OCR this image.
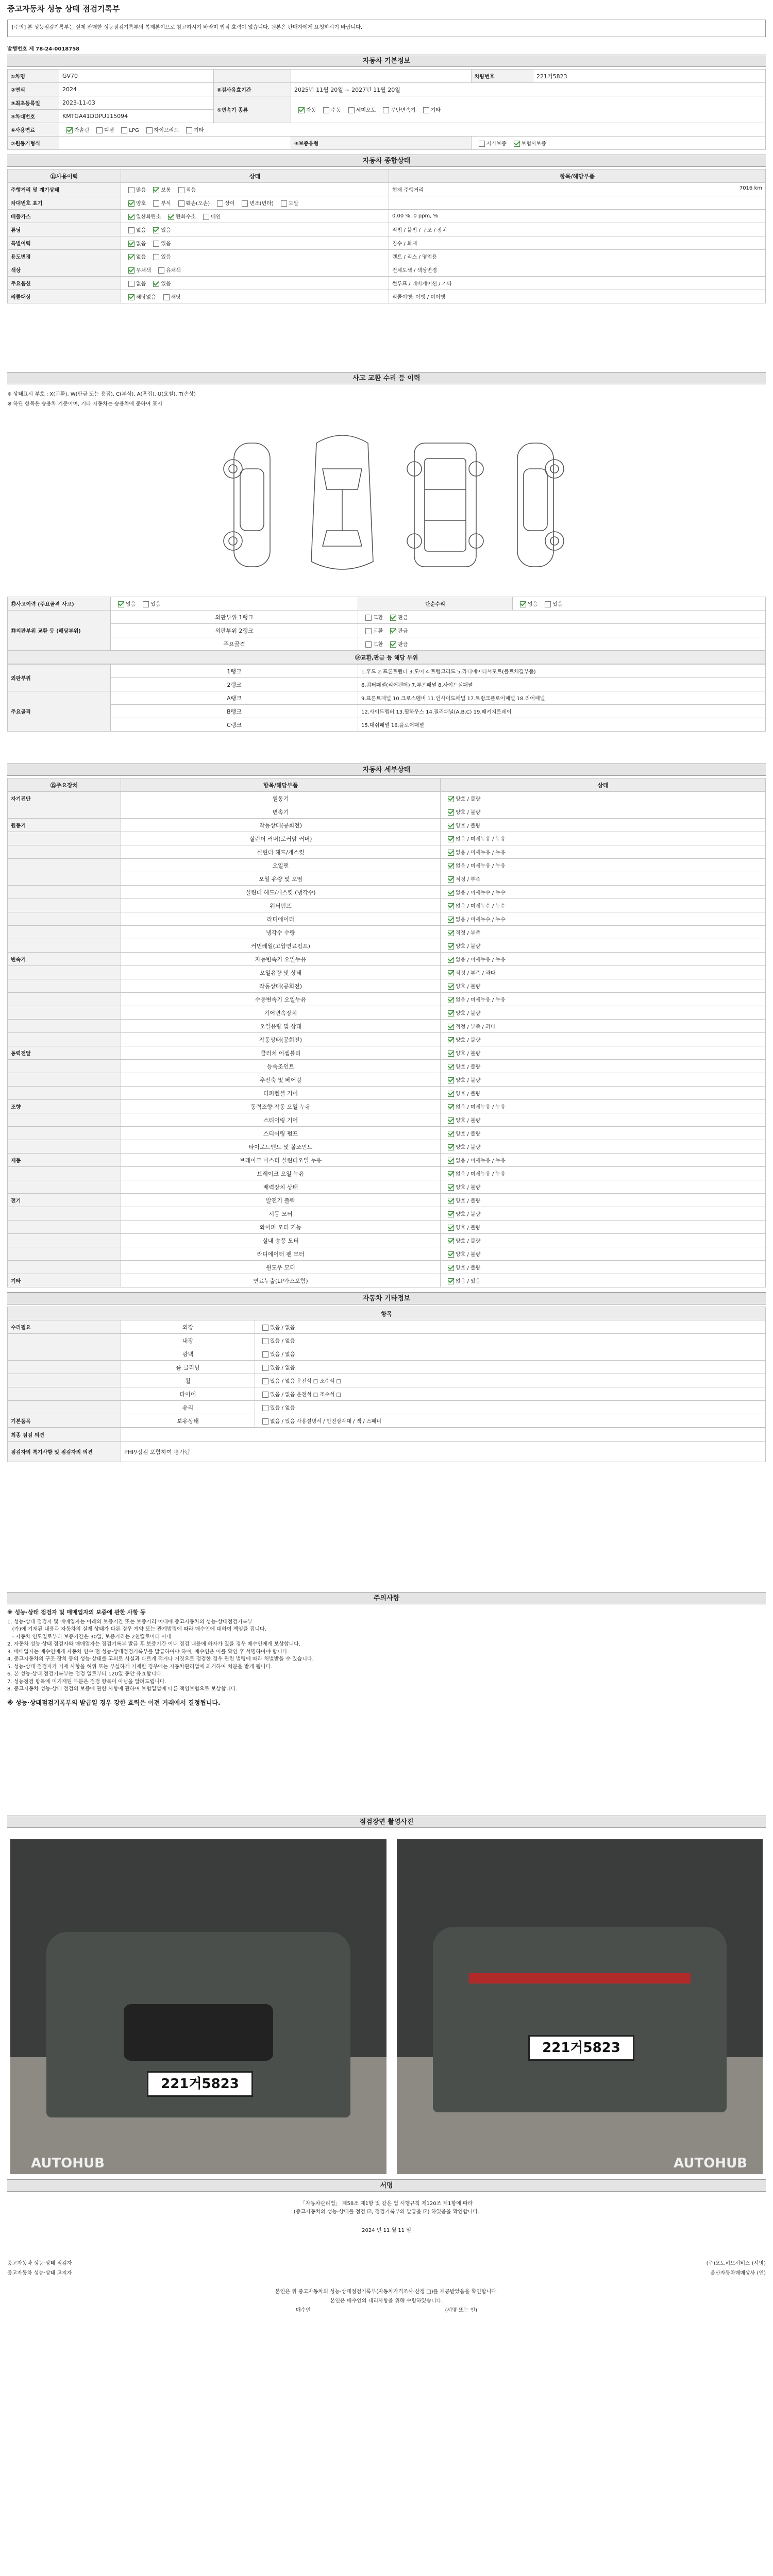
중고자동차 성능 상태 점검기록부
[주의] 본 성능점검기록부는 실제 판매한 성능점검기록부의 복제본이므로 참고하시기 바라며 법적 효력이 없습니다. 원본은 판매자에게 요청하시기 바랍니다.
발행번호 제 78-24-0018758
자동차 기본정보
①차명	GV70			차량번호	221거5823
②연식	2024	⑧검사유효기간	2025년 11월 20일 ~ 2027년 11월 20일		
③최초등록일	2023-11-03	⑤변속기 종류	자동 수동 세미오토 무단변속기 기타		
④차대번호	KMTGA41DDPU115094				
⑥사용연료	가솔린 디젤 LPG 하이브리드 기타				
⑦원동기형식			⑨보증유형	자가보증 보험사보증	
자동차 종합상태
⑪사용이력	상태	항목/해당부품
주행거리 및 계기상태	많음 보통 적음	현재 주행거리 7016 km

차대번호 표기	양호 부식 훼손(오손) 상이 변조(변타) 도말	

배출가스	일산화탄소 탄화수소 매연	0.00 %, 0 ppm, %

튜닝	없음 있음	적법 / 불법 / 구조 / 장치

특별이력	없음 있음	침수 / 화재

용도변경	없음 있음	렌트 / 리스 / 영업용

색상	무채색 유채색	전체도색 / 색상변경

주요옵션	없음 있음	썬루프 / 네비게이션 / 기타

리콜대상	해당없음 해당	리콜이행: 이행 / 미이행
사고 교환 수리 등 이력
※ 상태표시 부호 : X(교환), W(판금 또는 용접), C(부식), A(흠집), U(요철), T(손상)
※ 하단 항목은 승용차 기준이며, 기타 자동차는 승용차에 준하여 표시
⑫사고이력 (주요골격 사고)	없음 있음	단순수리	없음 있음
⑬외판부위 교환 등 (해당부위)	외판부위 1랭크	교환 판금	
	외판부위 2랭크	교환 판금	
	주요골격	교환 판금	
⑭교환,판금 등 해당 부위			
외판부위	1랭크	1.후드 2.프론트펜더 3.도어 4.트렁크리드 5.라디에이터서포트(볼트체결부품)
	2랭크	6.쿼터패널(리어펜더) 7.루프패널 8.사이드실패널
주요골격	A랭크	9.프론트패널 10.크로스멤버 11.인사이드패널 17.트렁크플로어패널 18.리어패널
	B랭크	12.사이드멤버 13.휠하우스 14.필러패널(A,B,C) 19.패키지트레이
	C랭크	15.대쉬패널 16.플로어패널
자동차 세부상태
⑮주요장치	항목/해당부품	상태
자기진단	원동기	양호 / 불량
	변속기	양호 / 불량
원동기	작동상태(공회전)	양호 / 불량
	실린더 커버(로커암 커버)	없음 / 미세누유 / 누유
	실린더 헤드/개스킷	없음 / 미세누유 / 누유
	오일팬	없음 / 미세누유 / 누유
	오일 유량 및 오염	적정 / 부족
	실린더 헤드/개스킷 (냉각수)	없음 / 미세누수 / 누수
	워터펌프	없음 / 미세누수 / 누수
	라디에이터	없음 / 미세누수 / 누수
	냉각수 수량	적정 / 부족
	커먼레일(고압연료펌프)	양호 / 불량
변속기	자동변속기 오일누유	없음 / 미세누유 / 누유
	오일유량 및 상태	적정 / 부족 / 과다
	작동상태(공회전)	양호 / 불량
	수동변속기 오일누유	없음 / 미세누유 / 누유
	기어변속장치	양호 / 불량
	오일유량 및 상태	적정 / 부족 / 과다
	작동상태(공회전)	양호 / 불량
동력전달	클러치 어셈블리	양호 / 불량
	등속조인트	양호 / 불량
	추진축 및 베어링	양호 / 불량
	디퍼렌셜 기어	양호 / 불량
조향	동력조향 작동 오일 누유	없음 / 미세누유 / 누유
	스티어링 기어	양호 / 불량
	스티어링 펌프	양호 / 불량
	타이로드엔드 및 볼조인트	양호 / 불량
제동	브레이크 마스터 실린더오일 누유	없음 / 미세누유 / 누유
	브레이크 오일 누유	없음 / 미세누유 / 누유
	배력장치 상태	양호 / 불량
전기	발전기 출력	양호 / 불량
	시동 모터	양호 / 불량
	와이퍼 모터 기능	양호 / 불량
	실내 송풍 모터	양호 / 불량
	라디에이터 팬 모터	양호 / 불량
	윈도우 모터	양호 / 불량
기타	연료누출(LP가스포함)	없음 / 있음
자동차 기타정보
항목		
수리필요	외장	있음 / 없음
	내장	있음 / 없음
	광택	있음 / 없음
	룸 클리닝	있음 / 없음
	휠	있음 / 없음 운전석 □ 조수석 □
	타이어	있음 / 없음 운전석 □ 조수석 □
	유리	있음 / 없음
기본품목	보유상태	없음 / 있음 사용설명서 / 안전삼각대 / 잭 / 스패너
최종 점검 의견	
점검자의 특기사항 및 점검자의 의견	PHP/점검 포함하여 평가됨
주의사항
※ 성능·상태 점검자 및 매매업자의 보증에 관한 사항 등
1. 성능·상태 점검자 및 매매업자는 아래의 보증기간 또는 보증거리 이내에 중고자동차의 성능·상태점검기록부
(가)에 기재된 내용과 자동차의 실제 상태가 다른 경우 계약 또는 관계법령에 따라 매수인에 대하여 책임을 집니다.
- 자동차 인도일로부터 보증기간은 30일, 보증거리는 2천킬로미터 이내
2. 자동차 성능·상태 점검자와 매매업자는 점검기록부 발급 후 보증기간 이내 점검 내용에 하자가 있을 경우 매수인에게 보상합니다.
3. 매매업자는 매수인에게 자동차 인수 전 성능·상태점검기록부를 발급하여야 하며, 매수인은 이를 확인 후 서명하여야 합니다.
4. 중고자동차의 구조·장치 등의 성능·상태를 고의로 사실과 다르게 적거나 거짓으로 점검한 경우 관련 법령에 따라 처벌받을 수 있습니다.
5. 성능·상태 점검자가 기재 사항을 허위 또는 부실하게 기재한 경우에는 자동차관리법에 의거하여 처분을 받게 됩니다.
6. 본 성능·상태 점검기록부는 점검 일로부터 120일 동안 유효합니다.
7. 성능점검 항목에 미기재된 부분은 점검 항목이 아님을 알려드립니다.
8. 중고자동차 성능·상태 점검의 보증에 관한 사항에 관하여 보험업법에 따른 책임보험으로 보상합니다.
※ 성능·상태점검기록부의 발급일 경우 강한 효력은 이전 거래에서 결정됩니다.
점검장면 촬영사진
221거5823
AUTOHUB
221거5823
AUTOHUB
서명
「자동차관리법」 제58조 제1항 및 같은 법 시행규칙 제120조 제1항에 따라
(중고자동차의 성능·상태를 점검 ☑, 점검기록부의 발급을 ☑) 하였음을 확인합니다.
2024 년 11 월 11 일
중고자동차 성능·상태 점검자	(주)오토허브서비스 (서명)
중고자동차 성능·상태 고지자	울산자동차매매상사 (인)
본인은 위 중고자동차의 성능·상태점검기록부(자동차가격조사·산정 □)를 제공받았음을 확인합니다.
본인은 매수인의 대리사항을 위해 수령하였습니다.
매수인                                                                                  (서명 또는 인)
